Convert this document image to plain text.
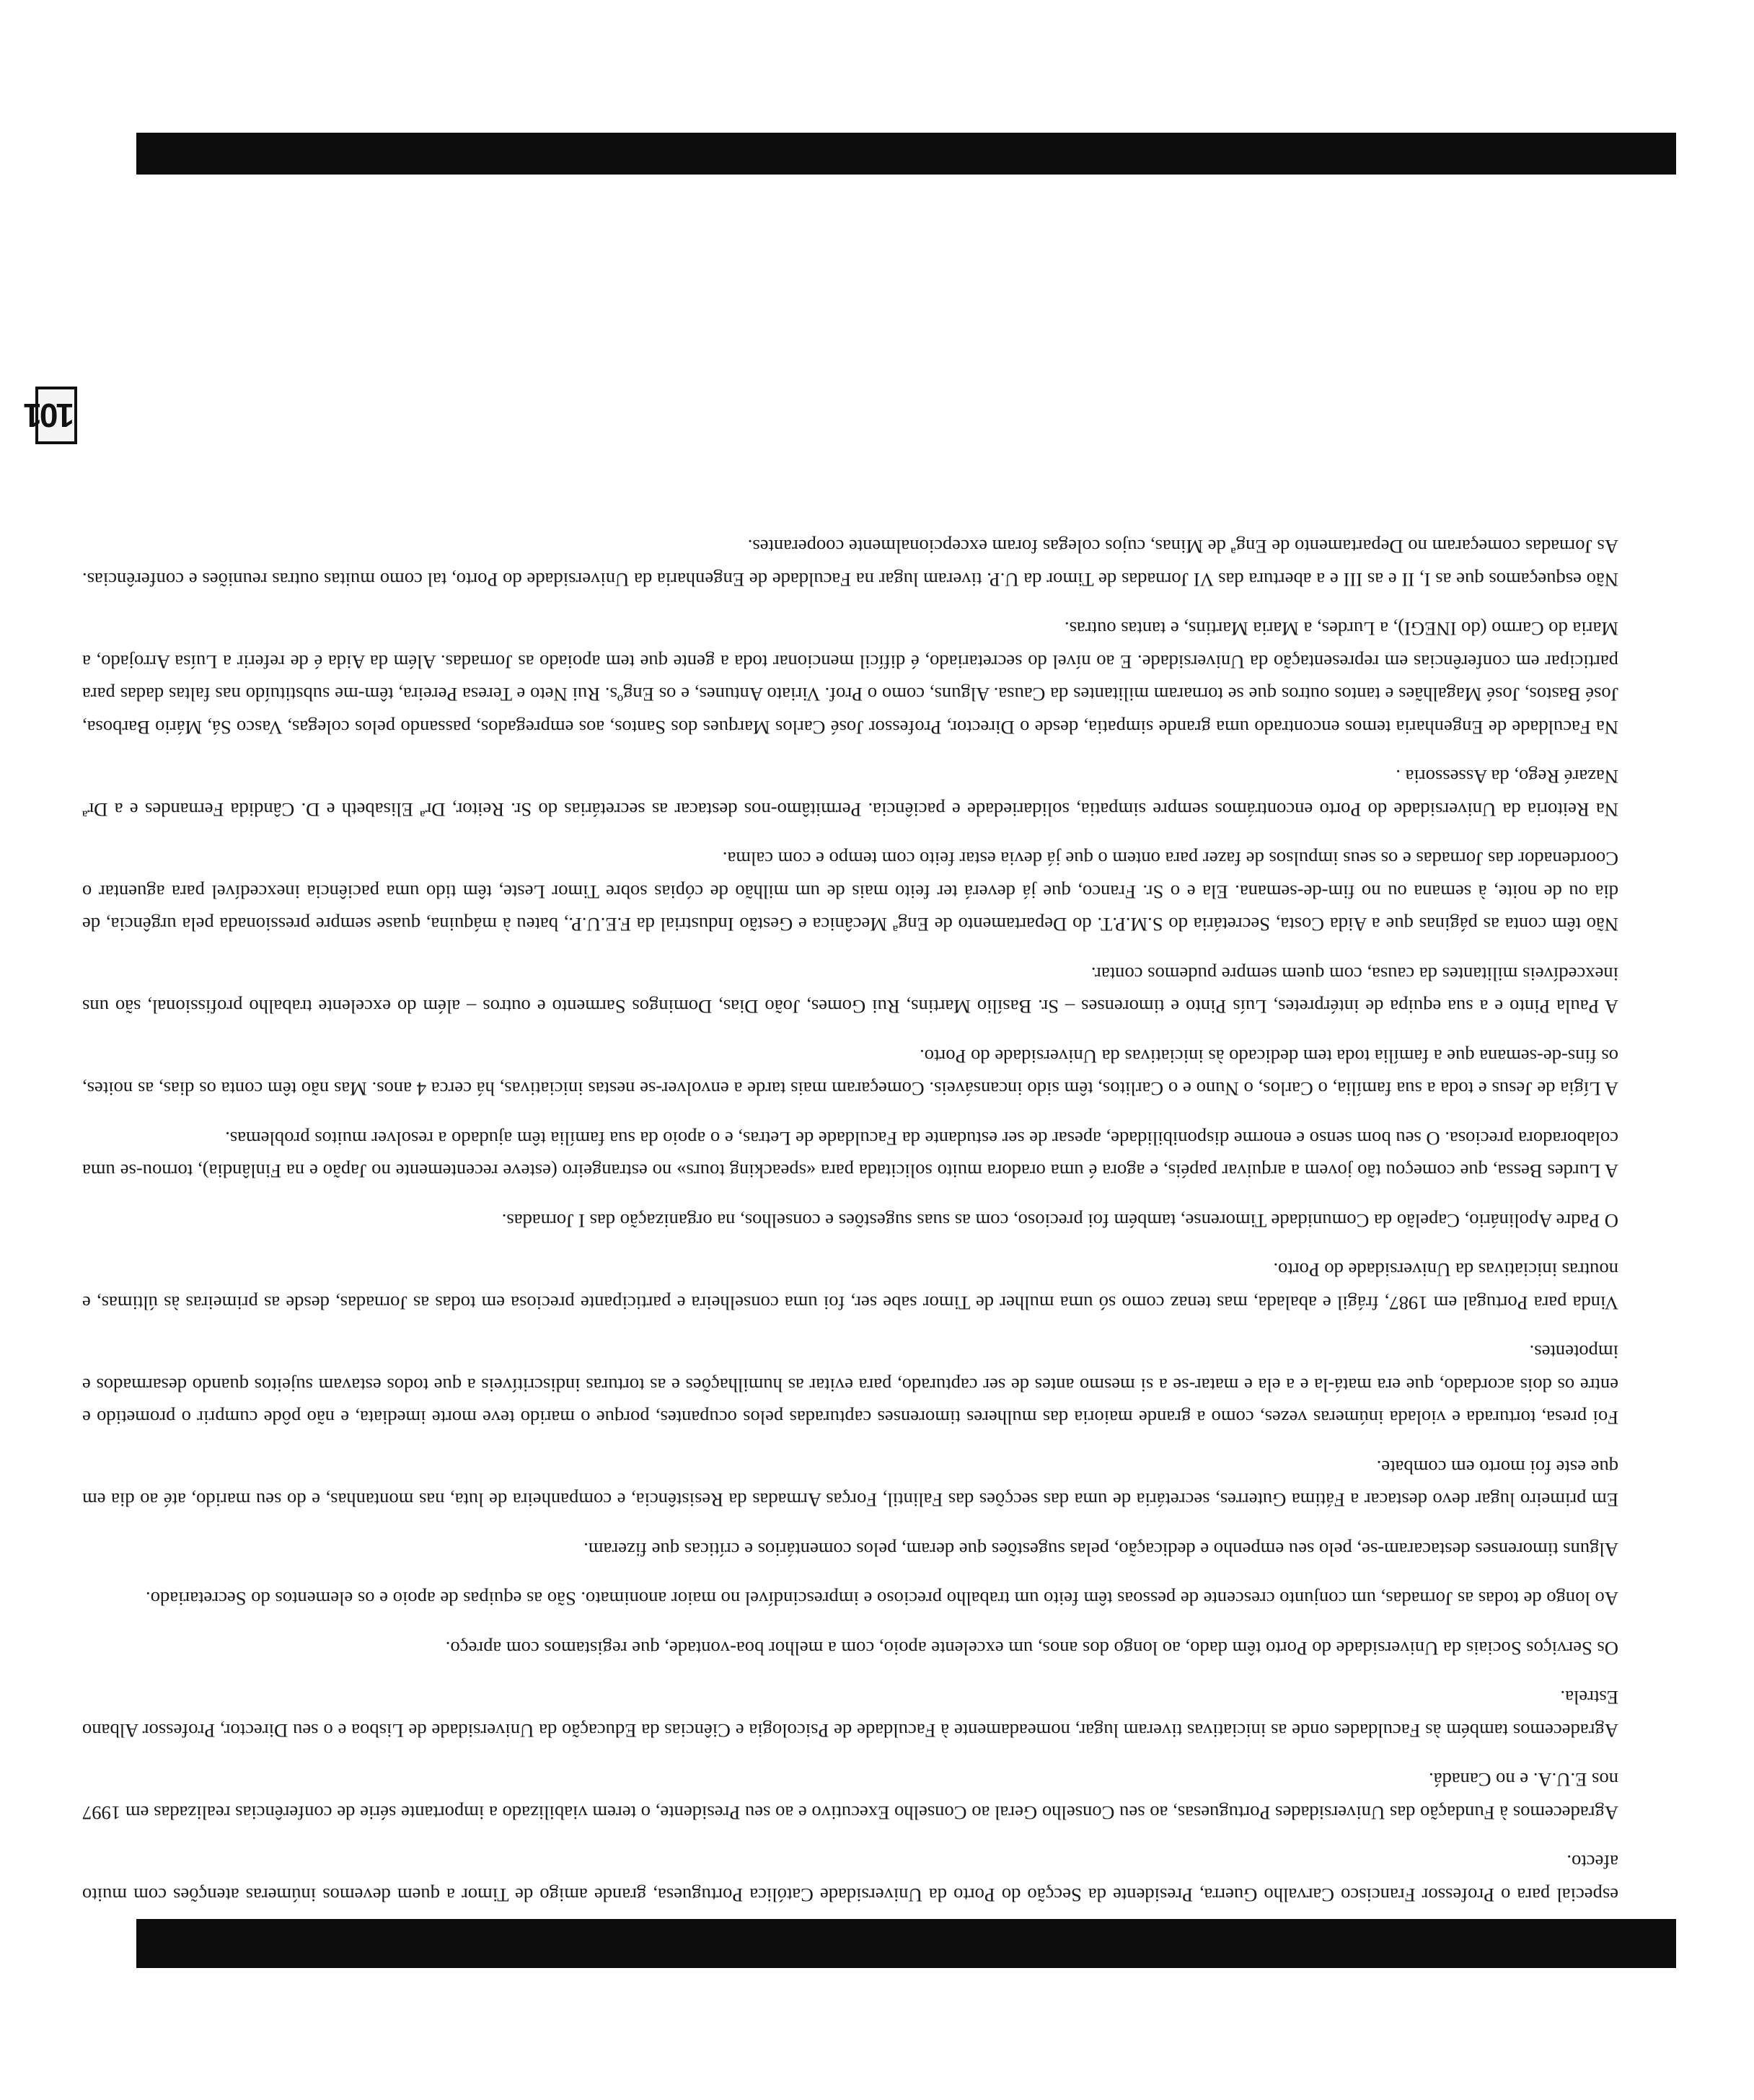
especial para o Professor Francisco Carvalho Guerra, Presidente da Secção do Porto da Universidade Católica Portuguesa, grande amigo de Timor a quem devemos inúmeras atenções com muito afecto.

Agradecemos à Fundação das Universidades Portuguesas, ao seu Conselho Geral ao Conselho Executivo e ao seu Presidente, o terem viabilizado a importante série de conferências realizadas em 1997 nos E.U.A. e no Canadá.

Agradecemos também às Faculdades onde as iniciativas tiveram lugar, nomeadamente à Faculdade de Psicologia e Ciências da Educação da Universidade de Lisboa e o seu Director, Professor Albano Estrela.

Os Serviços Sociais da Universidade do Porto têm dado, ao longo dos anos, um excelente apoio, com a melhor boa-vontade, que registamos com apreço.

Ao longo de todas as Jornadas, um conjunto crescente de pessoas têm feito um trabalho precioso e imprescindível no maior anonimato. São as equipas de apoio e os elementos do Secretariado.

Alguns timorenses destacaram-se, pelo seu empenho e dedicação, pelas sugestões que deram, pelos comentários e críticas que fizeram.

Em primeiro lugar devo destacar a Fátima Guterres, secretária de uma das secções das Falintil, Forças Armadas da Resistência, e companheira de luta, nas montanhas, e do seu marido, até ao dia em que este foi morto em combate.

Foi presa, torturada e violada inúmeras vezes, como a grande maioria das mulheres timorenses capturadas pelos ocupantes, porque o marido teve morte imediata, e não pôde cumprir o prometido e entre os dois acordado, que era matá-la e a ela e matar-se a si mesmo antes de ser capturado, para evitar as humilhações e as torturas indiscritíveis a que todos estavam sujeitos quando desarmados e impotentes.

Vinda para Portugal em 1987, frágil e abalada, mas tenaz como só uma mulher de Timor sabe ser, foi uma conselheira e participante preciosa em todas as Jornadas, desde as primeiras às últimas, e noutras iniciativas da Universidade do Porto.

O Padre Apolinário, Capelão da Comunidade Timorense, também foi precioso, com as suas sugestões e conselhos, na organização das I Jornadas.

A Lurdes Bessa, que começou tão jovem a arquivar papéis, e agora é uma oradora muito solicitada para «speacking tours» no estrangeiro (esteve recentemente no Japão e na Finlândia), tornou-se uma colaboradora preciosa. O seu bom senso e enorme disponibilidade, apesar de ser estudante da Faculdade de Letras, e o apoio da sua família têm ajudado a resolver muitos problemas.

A Lígia de Jesus e toda a sua família, o Carlos, o Nuno e o Carlitos, têm sido incansáveis. Começaram mais tarde a envolver-se nestas iniciativas, há cerca 4 anos. Mas não têm conta os dias, as noites, os fins-de-semana que a família toda tem dedicado às iniciativas da Universidade do Porto.

A Paula Pinto e a sua equipa de intérpretes, Luís Pinto e timorenses – Sr. Basílio Martins, Rui Gomes, João Dias, Domingos Sarmento e outros – além do excelente trabalho profissional, são uns inexcedíveis militantes da causa, com quem sempre pudemos contar.

Não têm conta as páginas que a Aida Costa, Secretária do S.M.P.T. do Departamento de Engª Mecânica e Gestão Industrial da F.E.U.P., bateu à máquina, quase sempre pressionada pela urgência, de dia ou de noite, à semana ou no fim-de-semana. Ela e o Sr. Franco, que já deverá ter feito mais de um milhão de cópias sobre Timor Leste, têm tido uma paciência inexcedível para aguentar o Coordenador das Jornadas e os seus impulsos de fazer para ontem o que já devia estar feito com tempo e com calma.

Na Reitoria da Universidade do Porto encontrámos sempre simpatia, solidariedade e paciência. Permitâmo-nos destacar as secretárias do Sr. Reitor, Drª Elisabeth e D. Cândida Fernandes e a Drª Nazaré Rego, da Assessoria .

Na Faculdade de Engenharia temos encontrado uma grande simpatia, desde o Director, Professor José Carlos Marques dos Santos, aos empregados, passando pelos colegas, Vasco Sá, Mário Barbosa, José Bastos, José Magalhães e tantos outros que se tornaram militantes da Causa. Alguns, como o Prof. Viriato Antunes, e os Engºs. Rui Neto e Teresa Pereira, têm-me substituído nas faltas dadas para participar em conferências em representação da Universidade. E ao nível do secretariado, é difícil mencionar toda a gente que tem apoiado as Jornadas. Além da Aida é de referir a Luísa Arrojado, a Maria do Carmo (do INEGI), a Lurdes, a Maria Martins, e tantas outras.

Não esqueçamos que as I, II e as III e a abertura das VI Jornadas de Timor da U.P. tiveram lugar na Faculdade de Engenharia da Universidade do Porto, tal como muitas outras reuniões e conferências. As Jornadas começaram no Departamento de Engª de Minas, cujos colegas foram excepcionalmente cooperantes.

101
